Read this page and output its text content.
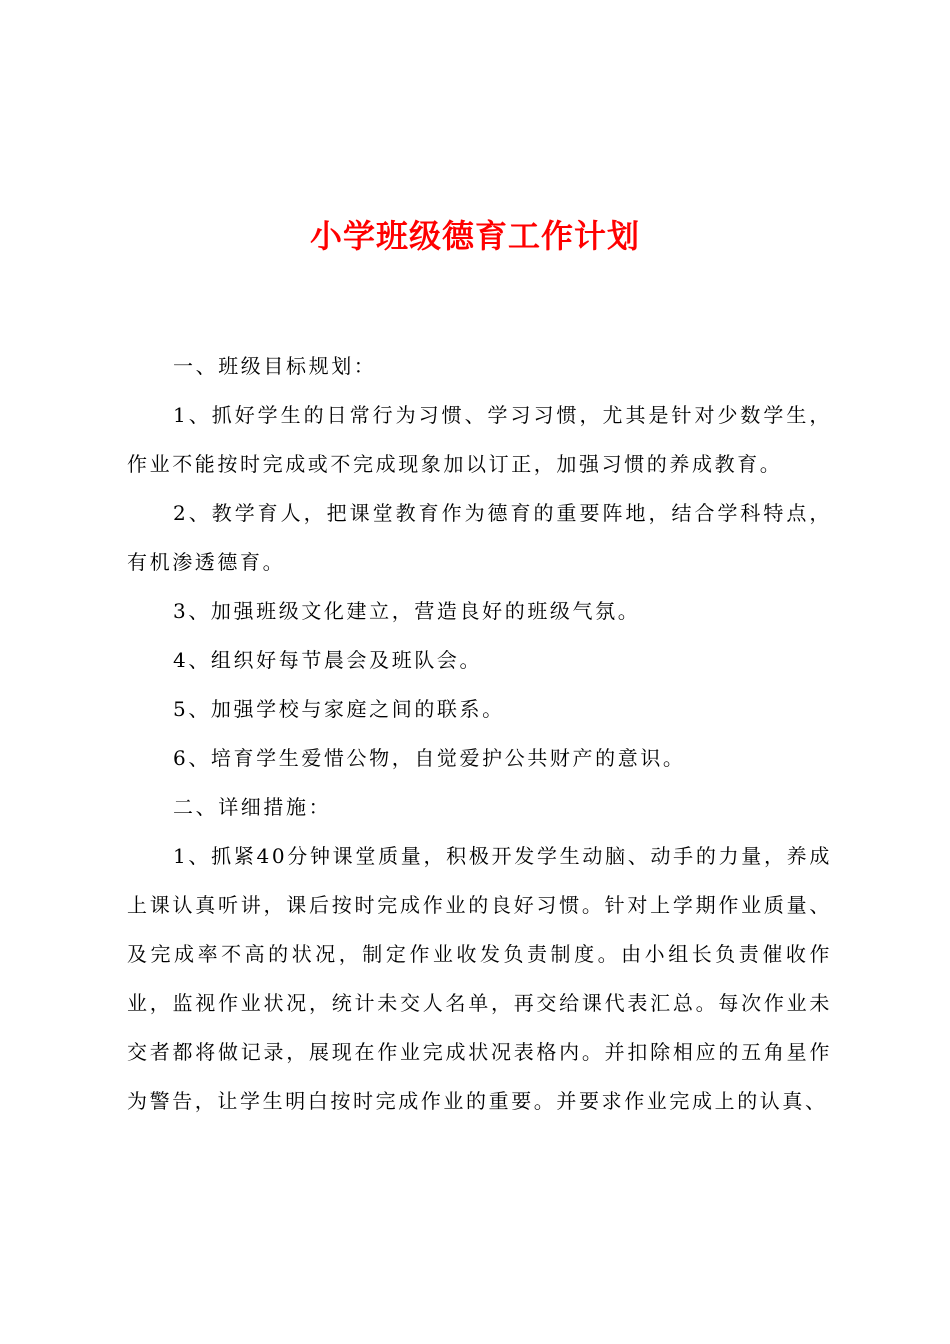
小学班级德育工作计划

一、班级目标规划：

1、抓好学生的日常行为习惯、学习习惯，尤其是针对少数学生，作业不能按时完成或不完成现象加以订正，加强习惯的养成教育。

2、教学育人，把课堂教育作为德育的重要阵地，结合学科特点，有机渗透德育。

3、加强班级文化建立，营造良好的班级气氛。

4、组织好每节晨会及班队会。

5、加强学校与家庭之间的联系。

6、培育学生爱惜公物，自觉爱护公共财产的意识。

二、详细措施：

1、抓紧40分钟课堂质量，积极开发学生动脑、动手的力量，养成上课认真听讲，课后按时完成作业的良好习惯。针对上学期作业质量、及完成率不高的状况，制定作业收发负责制度。由小组长负责催收作业，监视作业状况，统计未交人名单，再交给课代表汇总。每次作业未交者都将做记录，展现在作业完成状况表格内。并扣除相应的五角星作为警告，让学生明白按时完成作业的重要。并要求作业完成上的认真、
